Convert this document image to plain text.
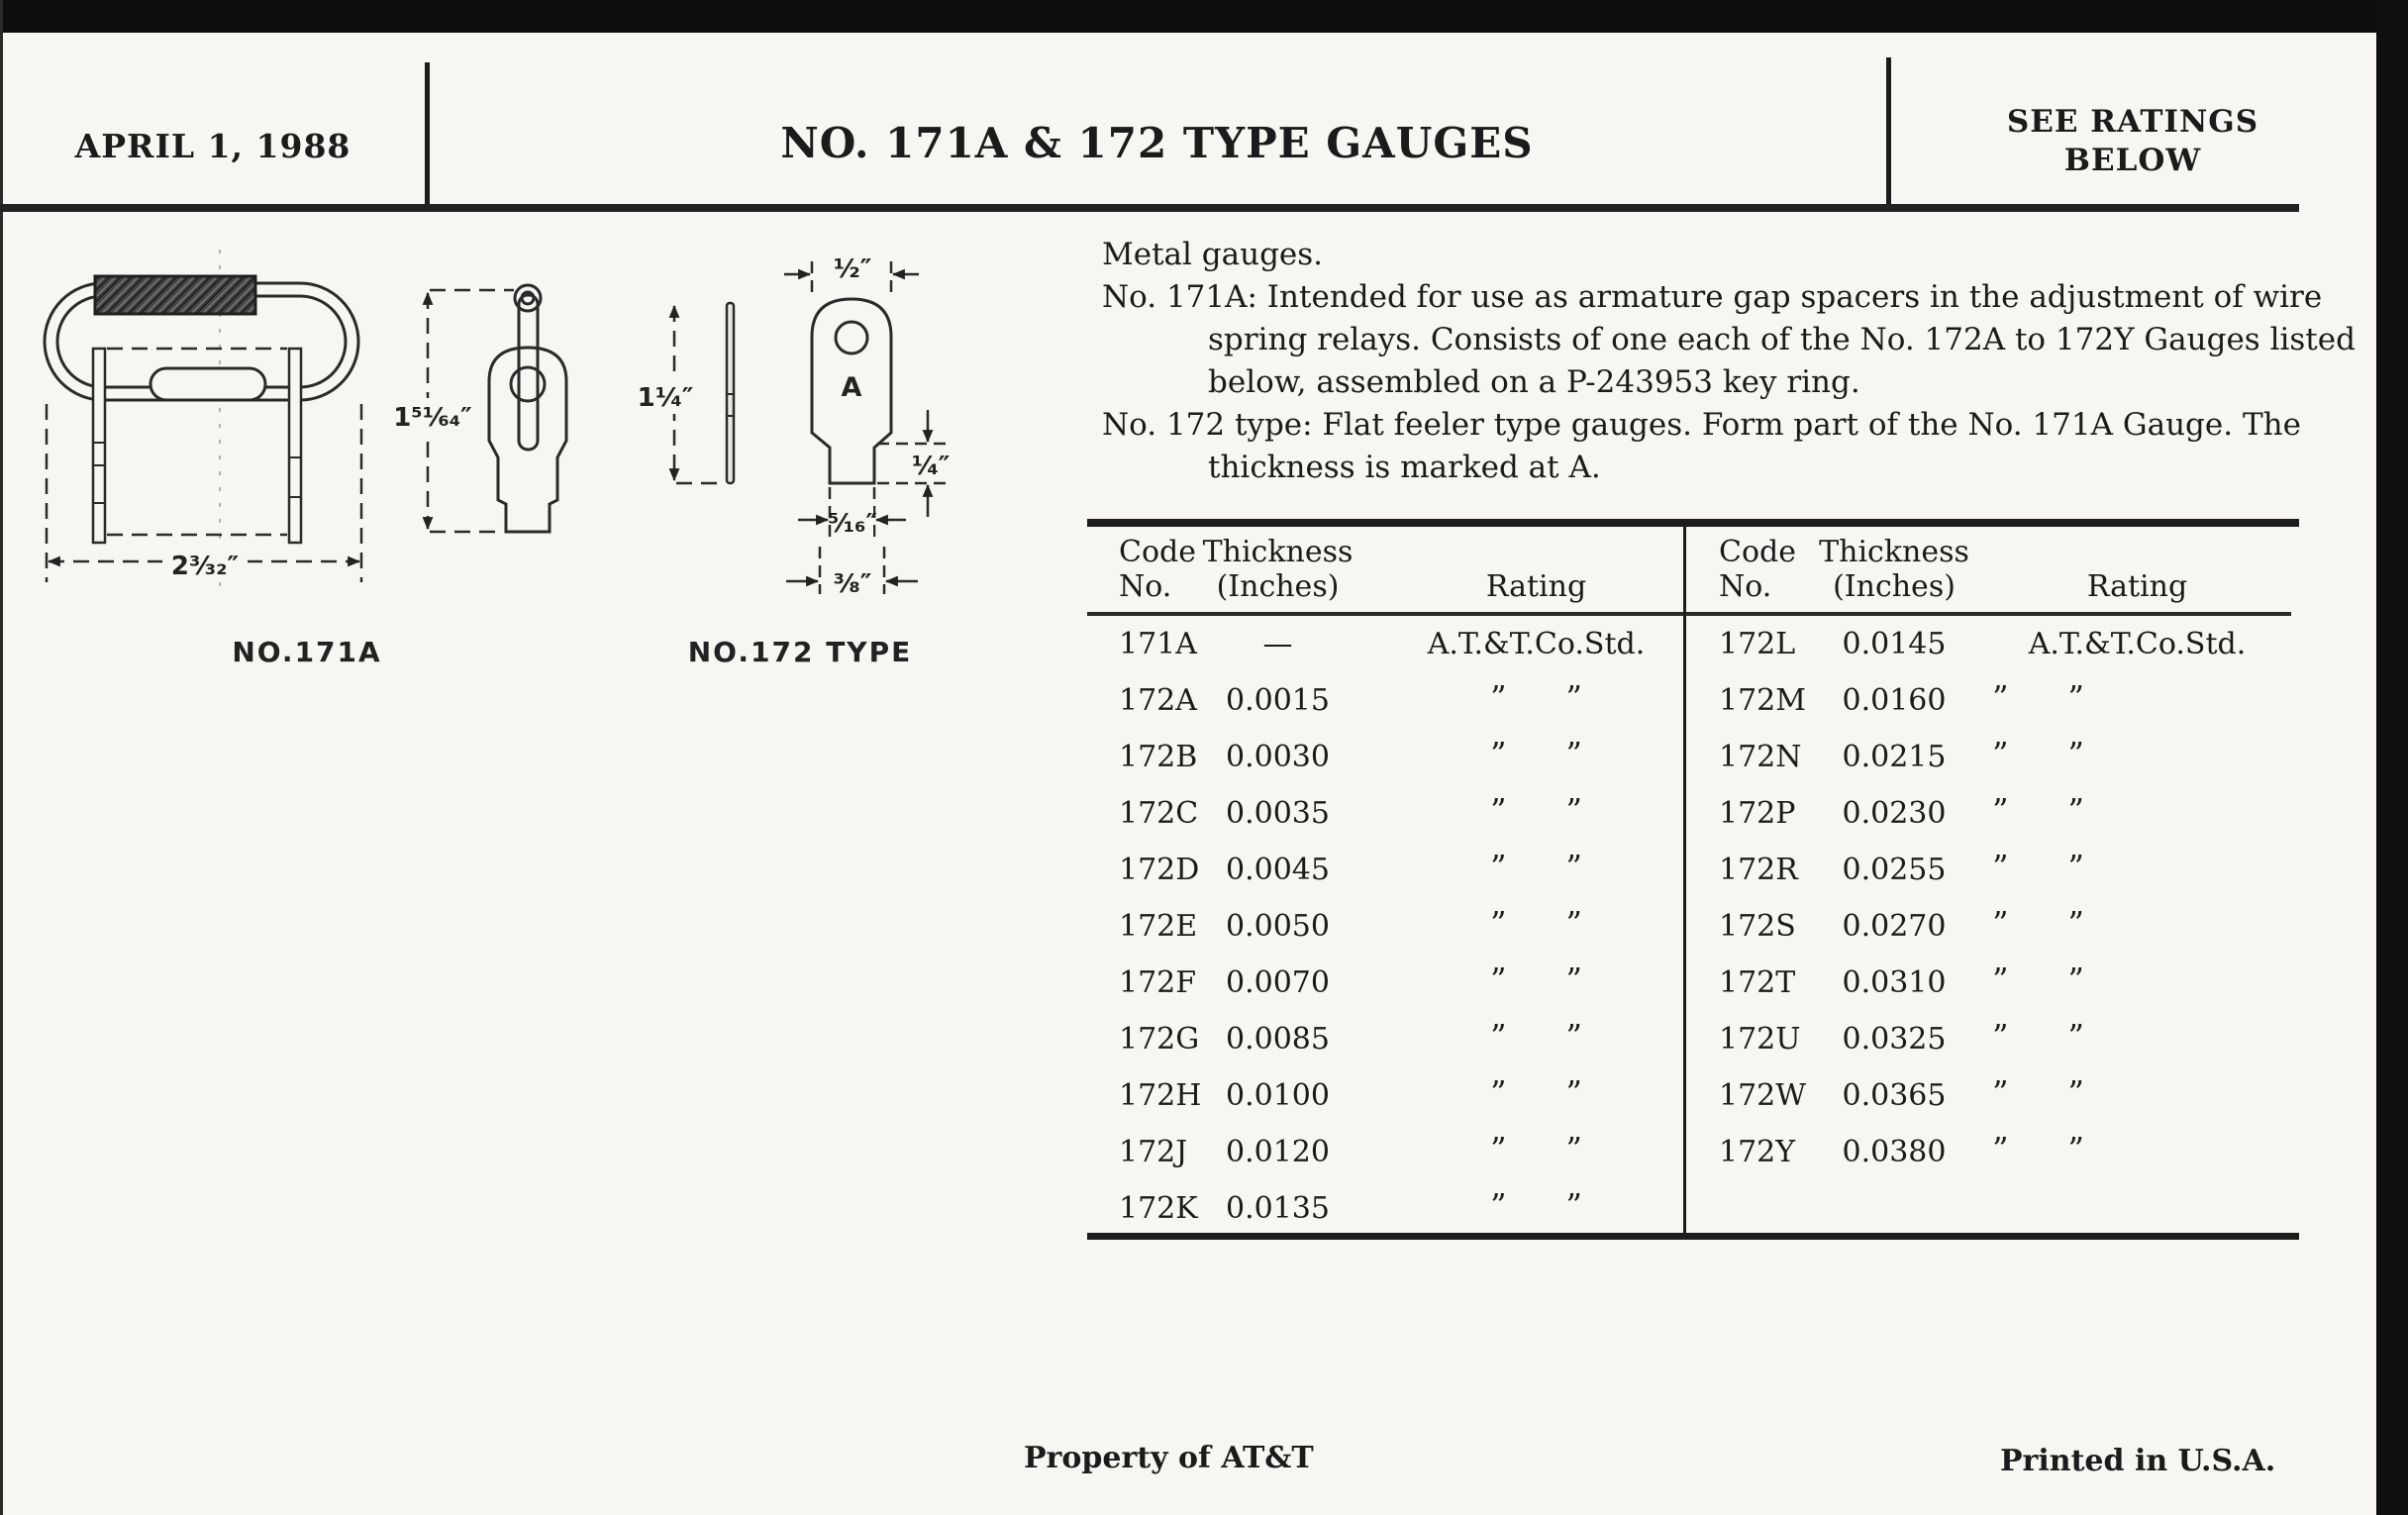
APRIL 1, 1988	NO. 171A & 172 TYPE GAUGES	SEE RATINGS
BELOW
2³⁄₃₂″
NO.171A
1⁵¹⁄₆₄″
1¹⁄₄″	A
¹⁄₂″
¹⁄₄″
⁵⁄₁₆″
³⁄₈″
NO.172 TYPE
Metal gauges.
No. 171A: Intended for use as armature gap spacers in the adjustment of wire
spring relays. Consists of one each of the No. 172A to 172Y Gauges listed
below, assembled on a P-243953 key ring.
No. 172 type: Flat feeler type gauges. Form part of the No. 171A Gauge. The
thickness is marked at A.
Code
No.
Thickness
(Inches)	Rating
171A	—	A.T.&T.Co.Std.
172A 0.0015	” ”
172B 0.0030	” ”
172C 0.0035	” ”
172D 0.0045	” ”
172E 0.0050	” ”
172F 0.0070	” ”
172G 0.0085	” ”
172H 0.0100	” ”
172J	0.0120	” ”
172K 0.0135	” ”
Code
No.
Thickness
(Inches)	Rating
172L	0.0145	A.T.&T.Co.Std.
172M	0.0160	” ”
172N	0.0215	” ”
172P	0.0230	” ”
172R	0.0255	” ”
172S	0.0270	” ”
172T	0.0310	” ”
172U	0.0325	” ”
172W	0.0365	” ”
172Y	0.0380	” ”
Property of AT&T	Printed in U.S.A.
